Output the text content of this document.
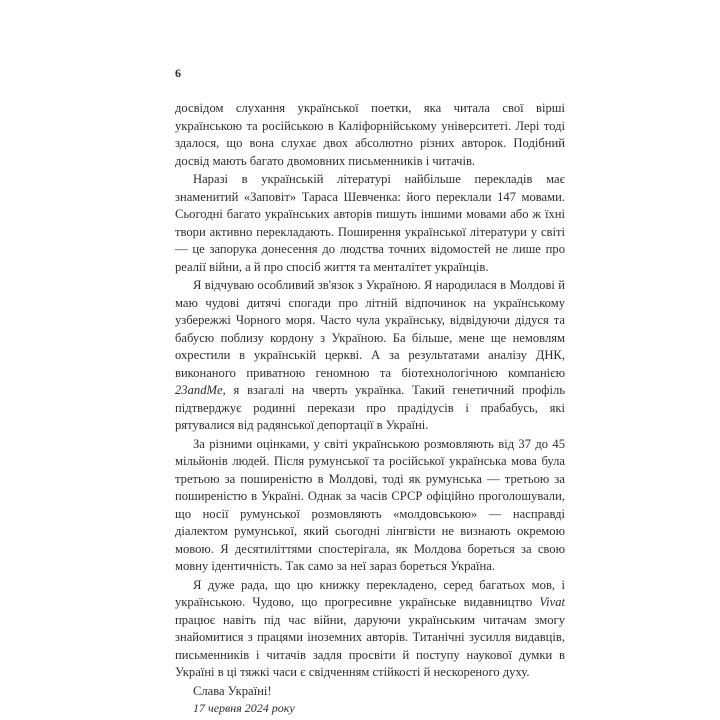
6

досвідом слухання української поетки, яка читала свої вірші українською та російською в Каліфорнійському університеті. Лері тоді здалося, що вона слухає двох абсолютно різних авторок. Подібний досвід мають багато двомовних письменників і читачів.

Наразі в українській літературі найбільше перекладів має знаменитий «Заповіт» Тараса Шевченка: його переклали 147 мовами. Сьогодні багато українських авторів пишуть іншими мовами або ж їхні твори активно перекладають. Поширення української літератури у світі — це запорука донесення до людства точних відомостей не лише про реалії війни, а й про спосіб життя та менталітет українців.

Я відчуваю особливий зв'язок з Україною. Я народилася в Молдові й маю чудові дитячі спогади про літній відпочинок на українському узбережжі Чорного моря. Часто чула українську, відвідуючи дідуся та бабусю поблизу кордону з Україною. Ба більше, мене ще немовлям охрестили в українській церкві. А за результатами аналізу ДНК, виконаного приватною геномною та біотехнологічною компанією 23andMe, я взагалі на чверть українка. Такий генетичний профіль підтверджує родинні перекази про прадідусів і прабабусь, які рятувалися від радянської депортації в Україні.

За різними оцінками, у світі українською розмовляють від 37 до 45 мільйонів людей. Після румунської та російської українська мова була третьою за поширеністю в Молдові, тоді як румунська — третьою за поширеністю в Україні. Однак за часів СРСР офіційно проголошували, що носії румунської розмовляють «молдовською» — насправді діалектом румунської, який сьогодні лінгвісти не визнають окремою мовою. Я десятиліттями спостерігала, як Молдова бореться за свою мовну ідентичність. Так само за неї зараз бореться Україна.

Я дуже рада, що цю книжку перекладено, серед багатьох мов, і українською. Чудово, що прогресивне українське видавництво Vivat працює навіть під час війни, даруючи українським читачам змогу знайомитися з працями іноземних авторів. Титанічні зусилля видавців, письменників і читачів задля просвіти й поступу наукової думки в Україні в ці тяжкі часи є свідченням стійкості й нескореного духу.

Слава Україні!

17 червня 2024 року
